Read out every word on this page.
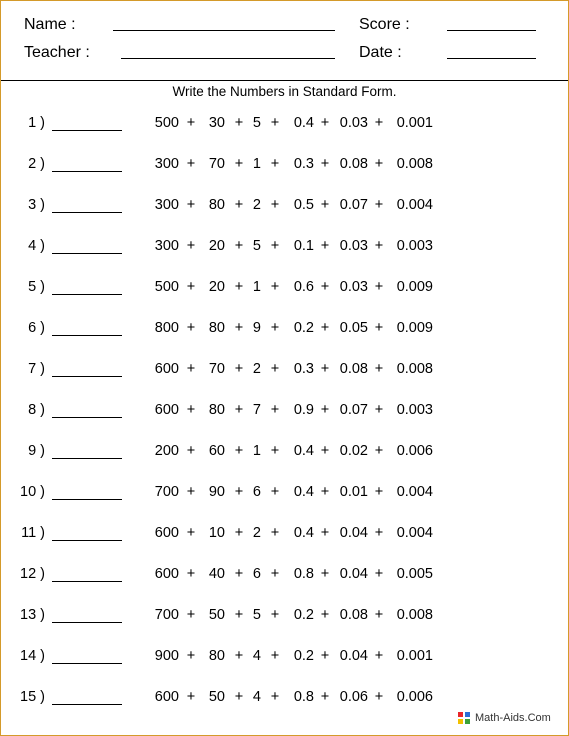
Name :	Score :
Teacher :	Date :
Write the Numbers in Standard Form.
1 )	500 + 30 + 5 +	0.4 + 0.03 + 0.001
2 )	300 + 70 + 1 +	0.3 + 0.08 + 0.008
3 )	300 + 80 + 2 +	0.5 + 0.07 + 0.004
4 )	300 + 20 + 5 +	0.1 + 0.03 + 0.003
5 )	500 + 20 + 1 +	0.6 + 0.03 + 0.009
6 )	800 + 80 + 9 +	0.2 + 0.05 + 0.009
7 )	600 + 70 + 2 +	0.3 + 0.08 + 0.008
8 )	600 + 80 + 7 +	0.9 + 0.07 + 0.003
9 )	200 + 60 + 1 +	0.4 + 0.02 + 0.006
10 )	700 + 90 + 6 +	0.4 + 0.01 + 0.004
11 )	600 + 10 + 2 +	0.4 + 0.04 + 0.004
12 )	600 + 40 + 6 +	0.8 + 0.04 + 0.005
13 )	700 + 50 + 5 +	0.2 + 0.08 + 0.008
14 )	900 + 80 + 4 +	0.2 + 0.04 + 0.001
15 )	600 + 50 + 4 +	0.8 + 0.06 + 0.006
Math-Aids.Com
